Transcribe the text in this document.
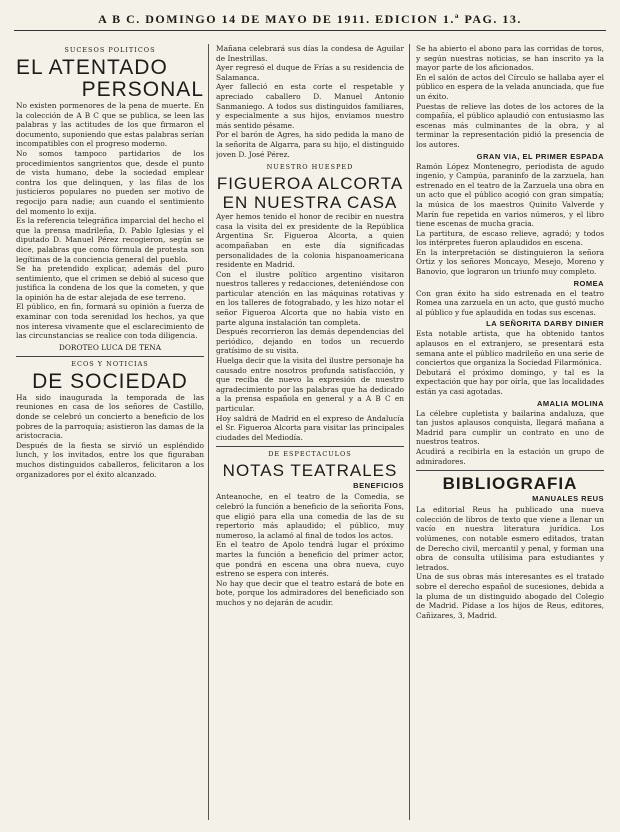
A B C. DOMINGO 14 DE MAYO DE 1911. EDICION 1.ª PAG. 13.
SUCESOS POLITICOS
EL ATENTADO
PERSONAL

No existen pormenores de la pena de muerte. En la colección de A B C que se publica, se leen las palabras y las actitudes de los que firmaron el documento, suponiendo que estas palabras serían incompatibles con el progreso moderno.

No somos tampoco partidarios de los procedimientos sangrientos que, desde el punto de vista humano, debe la sociedad emplear contra los que delinquen, y las filas de los justicieros populares no pueden ser motivo de regocijo para nadie; aun cuando el sentimiento del momento lo exija.

Es la referencia telegráfica imparcial del hecho el que la prensa madrileña, D. Pablo Iglesias y el diputado D. Manuel Pérez recogieron, según se dice, palabras que como fórmula de protesta son legítimas de la conciencia general del pueblo.

Se ha pretendido explicar, además del puro sentimiento, que el crimen se debió al suceso que justifica la condena de los que la cometen, y que la opinión ha de estar alejada de ese terreno.

El público, en fin, formará su opinión a fuerza de examinar con toda serenidad los hechos, ya que nos interesa vivamente que el esclarecimiento de las circunstancias se realice con toda diligencia.

DOROTEO LUCA DE TENA
ECOS Y NOTICIAS
DE SOCIEDAD

Ha sido inaugurada la temporada de las reuniones en casa de los señores de Castillo, donde se celebró un concierto a beneficio de los pobres de la parroquia; asistieron las damas de la aristocracia.

Después de la fiesta se sirvió un espléndido lunch, y los invitados, entre los que figuraban muchos distinguidos caballeros, felicitaron a los organizadores por el éxito alcanzado.

Mañana celebrará sus días la condesa de Aguilar de Inestrillas.

Ayer regresó el duque de Frías a su residencia de Salamanca.

Ayer falleció en esta corte el respetable y apreciado caballero D. Manuel Antonio Sanmaniego. A todos sus distinguidos familiares, y especialmente a sus hijos, enviamos nuestro más sentido pésame.

Por el barón de Agres, ha sido pedida la mano de la señorita de Algarra, para su hijo, el distinguido joven D. José Pérez.

NUESTRO HUESPED
FIGUEROA ALCORTA
EN NUESTRA CASA

Ayer hemos tenido el honor de recibir en nuestra casa la visita del ex presidente de la República Argentina Sr. Figueroa Alcorta, a quien acompañaban en este día significadas personalidades de la colonia hispanoamericana residente en Madrid.

Con el ilustre político argentino visitaron nuestros talleres y redacciones, deteniéndose con particular atención en las máquinas rotativas y en los talleres de fotograbado, y les hizo notar el señor Figueroa Alcorta que no había visto en parte alguna instalación tan completa.

Después recorrieron las demás dependencias del periódico, dejando en todos un recuerdo gratísimo de su visita.

Huelga decir que la visita del ilustre personaje ha causado entre nosotros profunda satisfacción, y que reciba de nuevo la expresión de nuestro agradecimiento por las palabras que ha dedicado a la prensa española en general y a A B C en particular.

Hoy saldrá de Madrid en el expreso de Andalucía el Sr. Figueroa Alcorta para visitar las principales ciudades del Mediodía.

DE ESPECTACULOS
NOTAS TEATRALES
BENEFICIOS

Anteanoche, en el teatro de la Comedia, se celebró la función a beneficio de la señorita Fons, que eligió para ella una comedia de las de su repertorio más aplaudido; el público, muy numeroso, la aclamó al final de todos los actos.

En el teatro de Apolo tendrá lugar el próximo martes la función a beneficio del primer actor, que pondrá en escena una obra nueva, cuyo estreno se espera con interés.

No hay que decir que el teatro estará de bote en bote, porque los admiradores del beneficiado son muchos y no dejarán de acudir.

Se ha abierto el abono para las corridas de toros, y según nuestras noticias, se han inscrito ya la mayor parte de los aficionados.

En el salón de actos del Círculo se hallaba ayer el público en espera de la velada anunciada, que fue un éxito.

Puestas de relieve las dotes de los actores de la compañía, el público aplaudió con entusiasmo las escenas más culminantes de la obra, y al terminar la representación pidió la presencia de los autores.

GRAN VIA, EL PRIMER ESPADA

Ramón López Montenegro, periodista de agudo ingenio, y Campúa, paraninfo de la zarzuela, han estrenado en el teatro de la Zarzuela una obra en un acto que el público acogió con gran simpatía; la música de los maestros Quinito Valverde y Marín fue repetida en varios números, y el libro tiene escenas de mucha gracia.

La partitura, de escaso relieve, agradó; y todos los intérpretes fueron aplaudidos en escena.

En la interpretación se distinguieron la señora Ortiz y los señores Moncayo, Mesejo, Moreno y Banovio, que lograron un triunfo muy completo.

ROMEA

Con gran éxito ha sido estrenada en el teatro Romea una zarzuela en un acto, que gustó mucho al público y fue aplaudida en todas sus escenas.

LA SEÑORITA DARBY DINIER

Esta notable artista, que ha obtenido tantos aplausos en el extranjero, se presentará esta semana ante el público madrileño en una serie de conciertos que organiza la Sociedad Filarmónica.

Debutará el próximo domingo, y tal es la expectación que hay por oírla, que las localidades están ya casi agotadas.

AMALIA MOLINA

La célebre cupletista y bailarina andaluza, que tan justos aplausos conquista, llegará mañana a Madrid para cumplir un contrato en uno de nuestros teatros.

Acudirá a recibirla en la estación un grupo de admiradores.

BIBLIOGRAFIA
MANUALES REUS

La editorial Reus ha publicado una nueva colección de libros de texto que viene a llenar un vacío en nuestra literatura jurídica. Los volúmenes, con notable esmero editados, tratan de Derecho civil, mercantil y penal, y forman una obra de consulta utilísima para estudiantes y letrados.

Una de sus obras más interesantes es el tratado sobre el derecho español de sucesiones, debida a la pluma de un distinguido abogado del Colegio de Madrid. Pídase a los hijos de Reus, editores, Cañizares, 3, Madrid.
